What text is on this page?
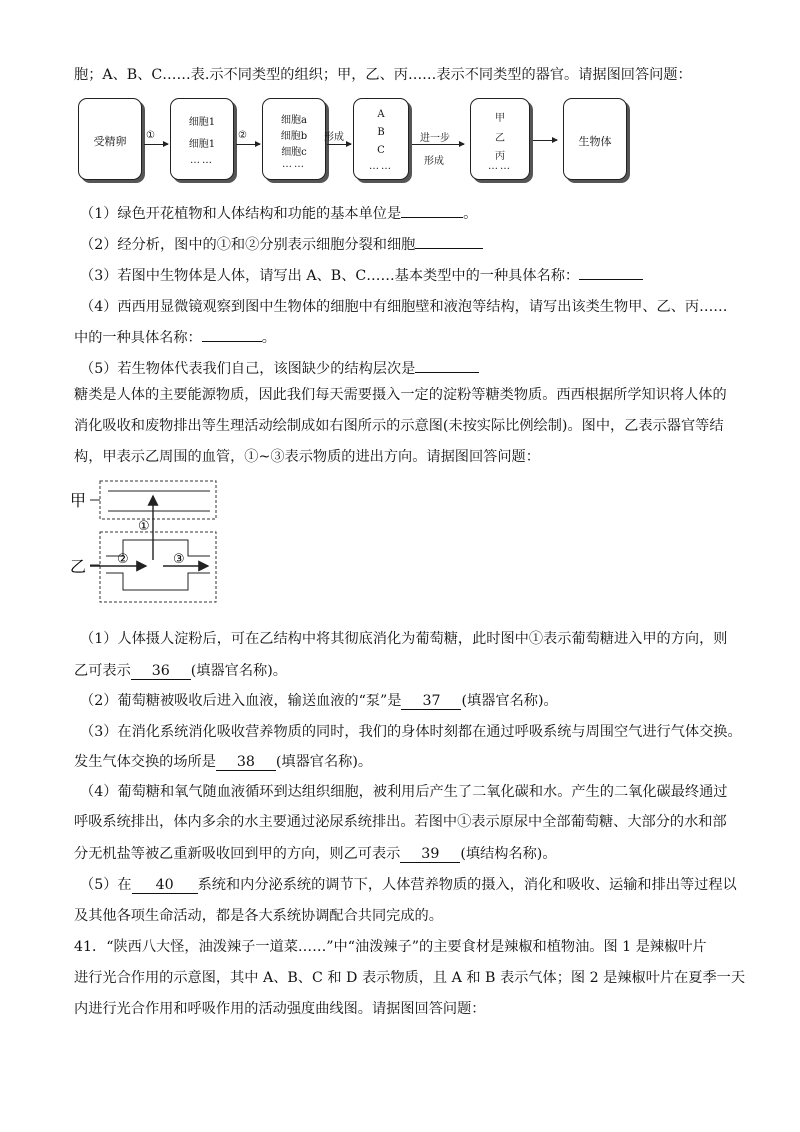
胞；A、B、C……表.示不同类型的组织；甲，乙、丙……表示不同类型的器官。请据图回答问题：
受精卵	①
细胞1
细胞1
……
②
细胞a
细胞b
细胞c
……
形成
A
B
C
……
进一步
形成
甲
乙
丙
……
生物体
（1）绿色开花植物和人体结构和功能的基本单位是	。
（2）经分析，图中的①和②分别表示细胞分裂和细胞
（3）若图中生物体是人体，请写出 A、B、C……基本类型中的一种具体名称：
（4）西西用显微镜观察到图中生物体的细胞中有细胞壁和液泡等结构，请写出该类生物甲、乙、丙……
中的一种具体名称：	。
（5）若生物体代表我们自己，该图缺少的结构层次是
糖类是人体的主要能源物质，因此我们每天需要摄入一定的淀粉等糖类物质。西西根据所学知识将人体的
消化吸收和废物排出等生理活动绘制成如右图所示的示意图(未按实际比例绘制)。图中，乙表示器官等结
构，甲表示乙周围的血管，①~③表示物质的进出方向。请据图回答问题：
甲
乙
①
②	③
（1）人体摄人淀粉后，可在乙结构中将其彻底消化为葡萄糖，此时图中①表示葡萄糖进入甲的方向，则
乙可表示 36 (填器官名称)。
（2）葡萄糖被吸收后进入血液，输送血液的“泵”是 37 (填器官名称)。
（3）在消化系统消化吸收营养物质的同时，我们的身体时刻都在通过呼吸系统与周围空气进行气体交换。
发生气体交换的场所是 38 (填器官名称)。
（4）葡萄糖和氧气随血液循环到达组织细胞，被利用后产生了二氧化碳和水。产生的二氧化碳最终通过
呼吸系统排出，体内多余的水主要通过泌尿系统排出。若图中①表示原尿中全部葡萄糖、大部分的水和部
分无机盐等被乙重新吸收回到甲的方向，则乙可表示 39 (填结构名称)。
（5）在 40 系统和内分泌系统的调节下，人体营养物质的摄入，消化和吸收、运输和排出等过程以
及其他各项生命活动，都是各大系统协调配合共同完成的。
41．“陕西八大怪，油泼辣子一道菜……”中“油泼辣子”的主要食材是辣椒和植物油。图 1 是辣椒叶片
进行光合作用的示意图，其中 A、B、C 和 D 表示物质，且 A 和 B 表示气体；图 2 是辣椒叶片在夏季一天
内进行光合作用和呼吸作用的活动强度曲线图。请据图回答问题：
